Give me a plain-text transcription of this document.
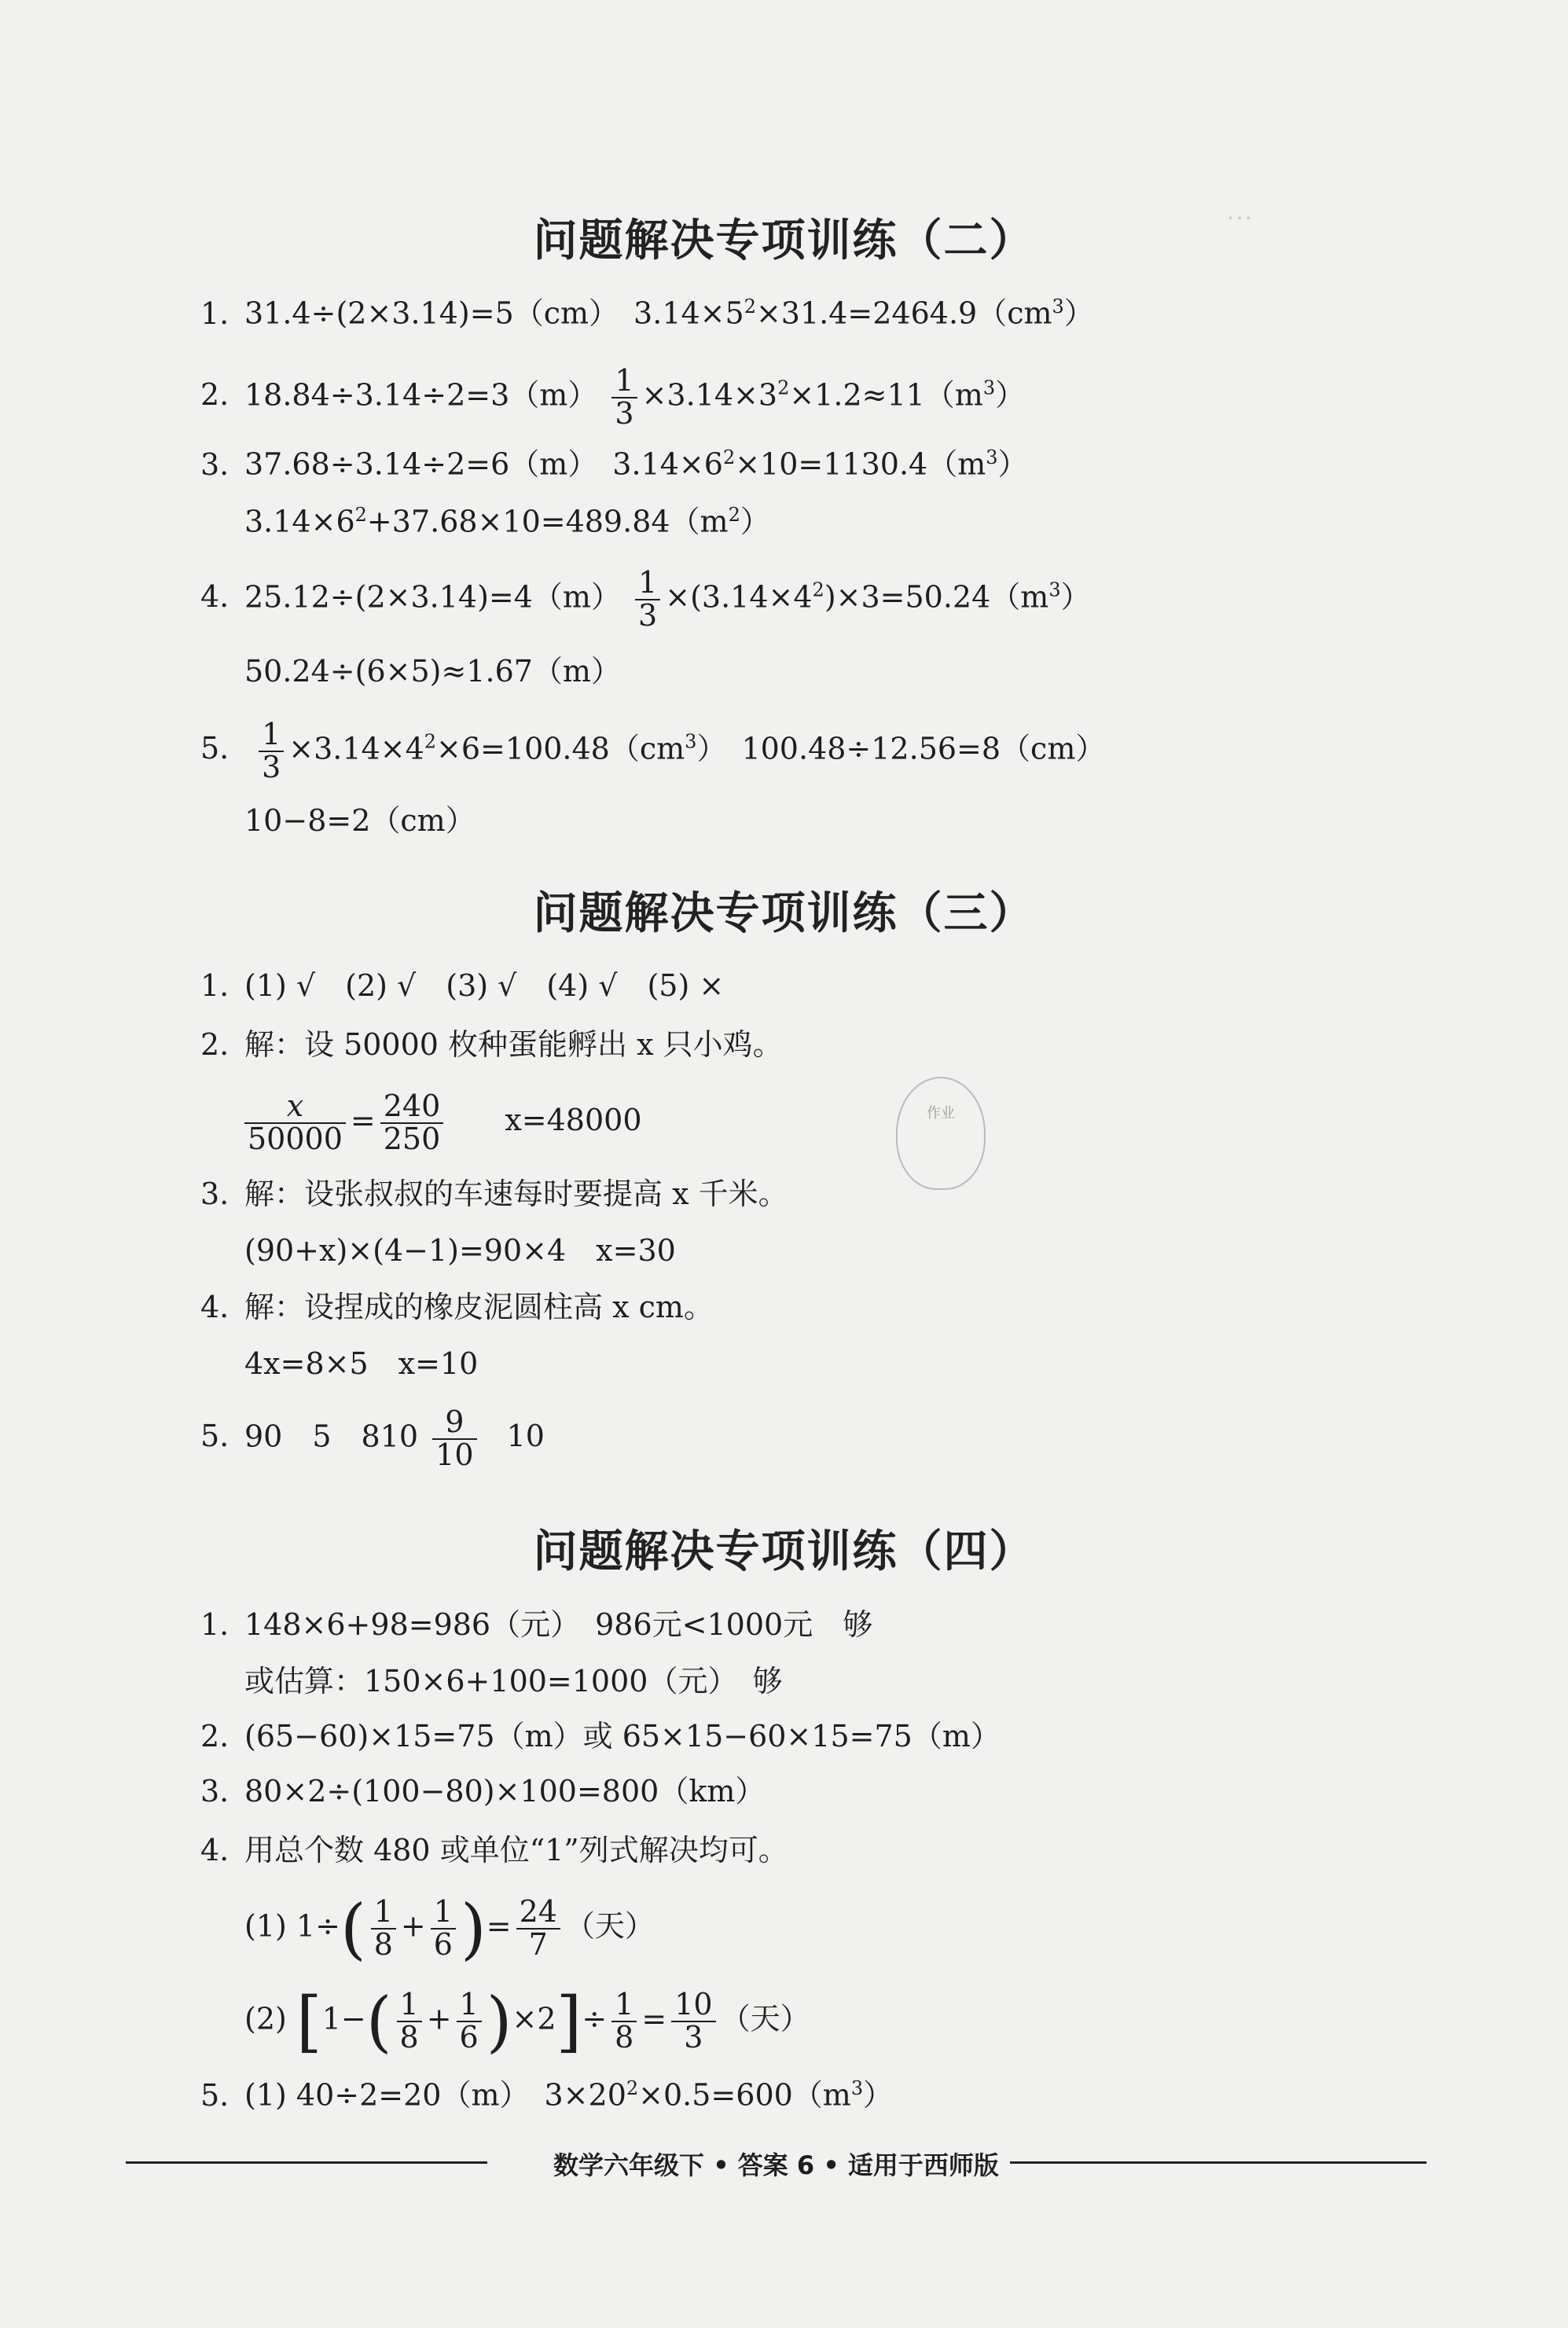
…
问题解决专项训练（二）
1. 31.4÷(2×3.14)=5（cm）　$3.14\times 5^2\times 31.4=2464.9(cm^3)$
2. $18.84\div 3.14\div 2=3(m) \frac{1}{3} \times 3.14\times 3^2\times 1.2\approx 11(m^3)$
3. 37.68÷3.14÷2=6（m）　$3.14\times 6^2\times 10=1130.4(m^3)$
$3.14\times 6^2+37.68\times 10=489.84(m^2)$
4. $25.12\div(2\times 3.14)=4(m) \frac{1}{3} \times(3.14\times 4^2)\times 3=50.24(m^3)$
50.24÷(6×5)≈1.67（m）
5. $\frac{1}{3} \times 3.14\times 4^2\times 6=100.48(cm^3)$　100.48÷12.56=8（cm）
10−8=2（cm）
问题解决专项训练（三）
1. (1) √　(2) √　(3) √　(4) √　(5) ×
2. 解：设 50000 枚种蛋能孵出 x 只小鸡。
$\frac{x}{50000} = \frac{240}{250} x=48000$
3. 解：设张叔叔的车速每时要提高 x 千米。
(90+x)×(4−1)=90×4　x=30
4. 解：设捏成的橡皮泥圆柱高 x cm。
4x=8×5　x=10
5. 90　5　$810 \frac{9}{10} 10$
作业
问题解决专项训练（四）
1. 148×6+98=986（元）　986元<1000元　够
或估算：150×6+100=1000（元）　够
2. (65−60)×15=75（m）或 65×15−60×15=75（m）
3. 80×2÷(100−80)×100=800（km）
4. 用总个数 480 或单位“1”列式解决均可。
(1) $1\div( \frac{1}{8} + \frac{1}{6}$ )= $\frac{24}{7}$ （天）
(2) $[1-( \frac{1}{8} + \frac{1}{6} )\times 2]\div \frac{1}{8} = \frac{10}{3}$ （天）
5. (1) 40÷2=20（m）　$3\times 20^2\times 0.5=600(m^3)$
数学六年级下 • 答案 6 • 适用于西师版
